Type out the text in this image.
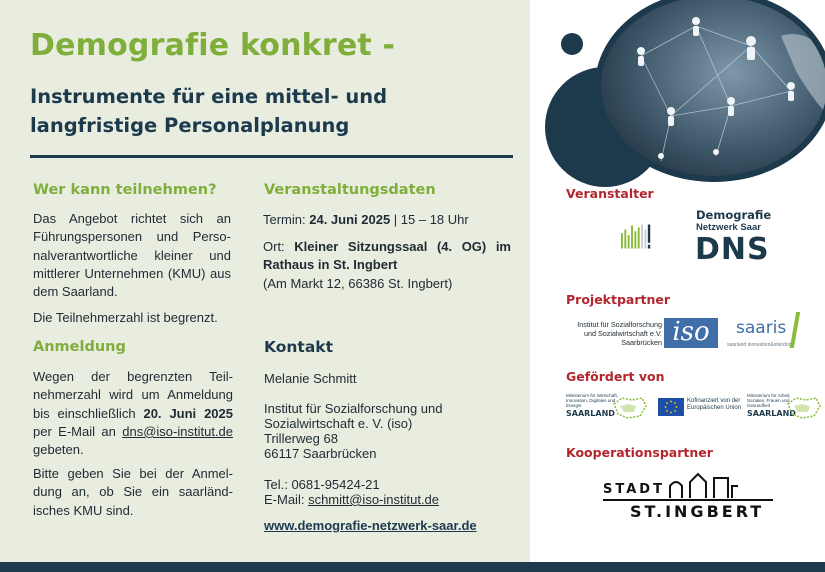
Demografie konkret -
Instrumente für eine mittel- und langfristige Personalplanung
Wer kann teilnehmen?
Das Angebot richtet sich an Führungspersonen und Perso-nalverantwortliche kleiner und mittlerer Unternehmen (KMU) aus dem Saarland.
Die Teilnehmerzahl ist begrenzt.
Anmeldung
Wegen der begrenzten Teil-nehmerzahl wird um Anmeldung bis einschließlich 20. Juni 2025 per E-Mail an dns@iso-institut.de gebeten.
Bitte geben Sie bei der Anmel-dung an, ob Sie ein saarländ-isches KMU sind.
Veranstaltungsdaten
Termin: 24. Juni 2025 | 15 – 18 Uhr
Ort: Kleiner Sitzungssaal (4. OG) im Rathaus in St. Ingbert
(Am Markt 12, 66386 St. Ingbert)
Kontakt
Melanie Schmitt
Institut für Sozialforschung und
Sozialwirtschaft e. V. (iso)
Trillerweg 68
66117 Saarbrücken
Tel.: 0681-95424-21
E-Mail: schmitt@iso-institut.de
www.demografie-netzwerk-saar.de
Veranstalter
Projektpartner
Gefördert von
Kooperationspartner
Demografie
Netzwerk Saar
DNS
Institut für Sozialforschung und Sozialwirtschaft e.V. Saarbrücken iso	saaris
saarland innovation&standort
Ministerium für Wirtschaft, Innovation, Digitales und Energie
SAARLAND
Kofinanziert von der Europäischen Union
Ministerium für Arbeit, Soziales, Frauen und Gesundheit
SAARLAND
STADT
ST.INGBERT
